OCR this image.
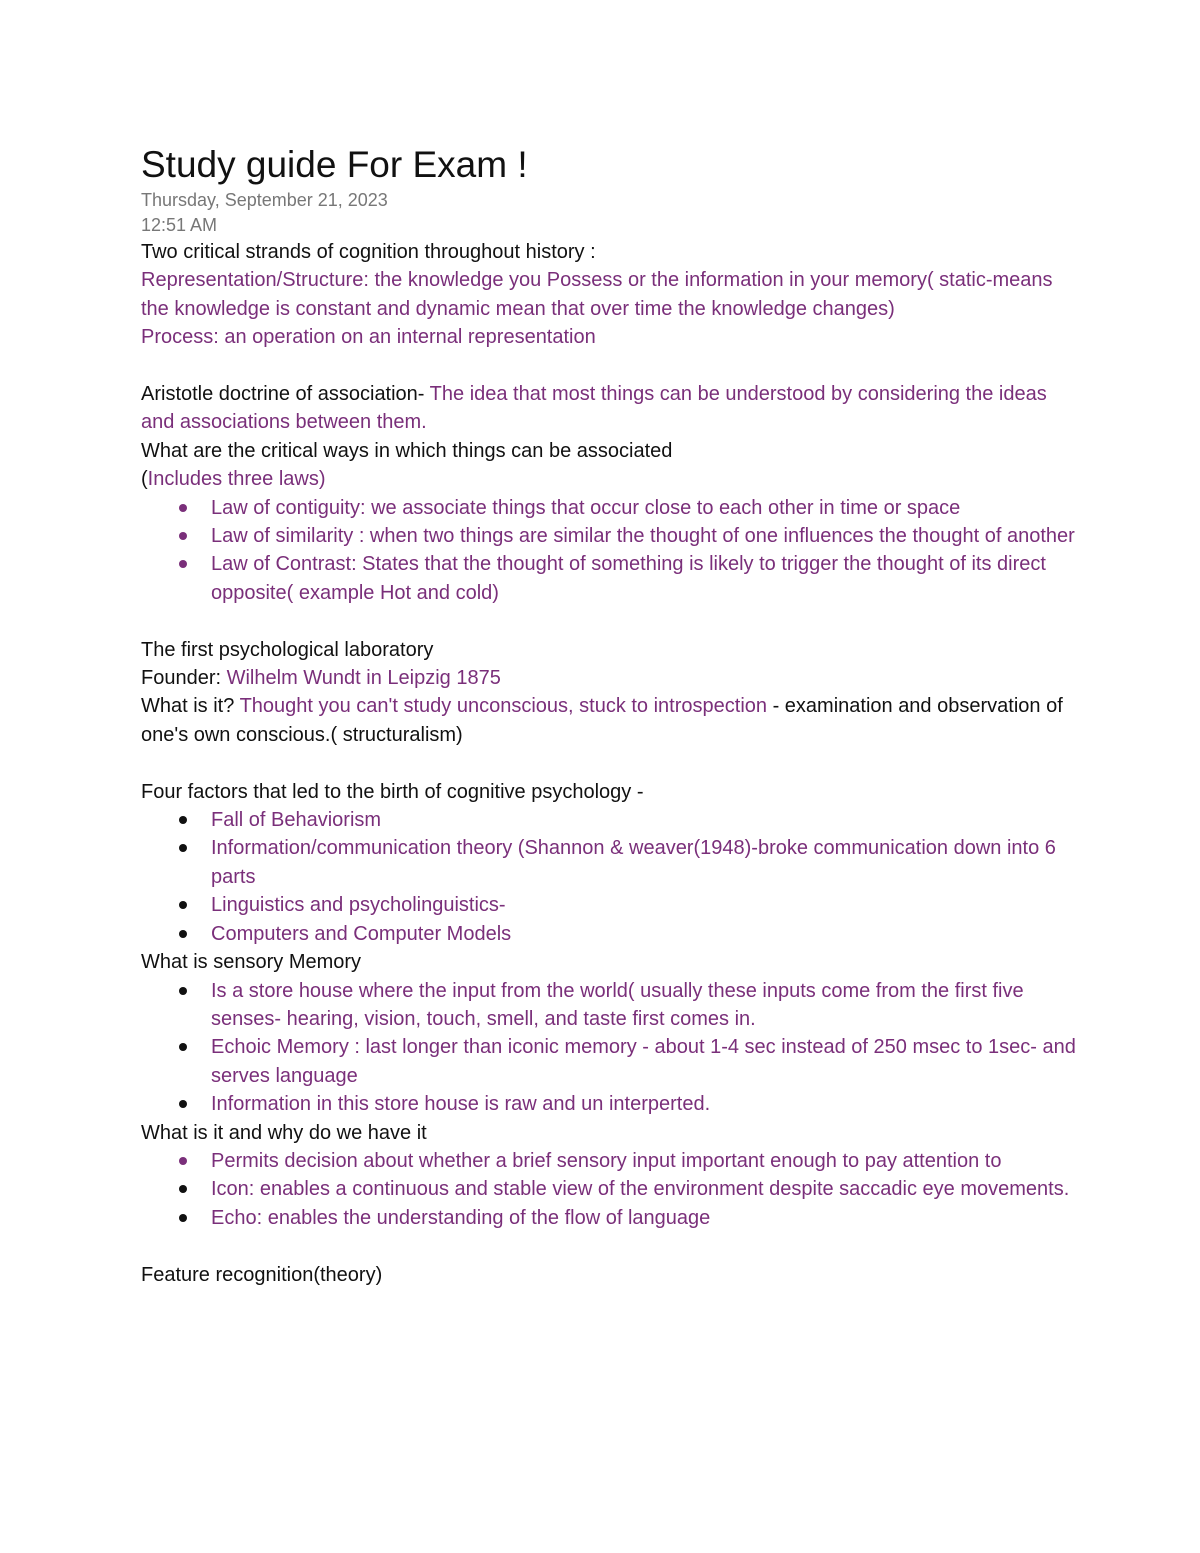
Study guide For Exam !
Thursday, September 21, 2023
12:51 AM

Two critical strands of cognition throughout history :

Representation/Structure: the knowledge you Possess or the information in your memory( static-means the knowledge is constant and dynamic mean that over time the knowledge changes)

Process: an operation on an internal representation

Aristotle doctrine of association- The idea that most things can be understood by considering the ideas and associations between them.

What are the critical ways in which things can be associated

(Includes three laws)

Law of contiguity: we associate things that occur close to each other in time or space
Law of similarity : when two things are similar the thought of one influences the thought of another
Law of Contrast: States that the thought of something is likely to trigger the thought of its direct opposite( example Hot and cold)

The first psychological laboratory

Founder: Wilhelm Wundt in Leipzig 1875

What is it? Thought you can't study unconscious, stuck to introspection - examination and observation of one's own conscious.( structuralism)

Four factors that led to the birth of cognitive psychology -

Fall of Behaviorism
Information/communication theory (Shannon & weaver(1948)-broke communication down into 6 parts
Linguistics and psycholinguistics-
Computers and Computer Models

What is sensory Memory

Is a store house where the input from the world( usually these inputs come from the first five senses- hearing, vision, touch, smell, and taste first comes in.
Echoic Memory : last longer than iconic memory - about 1-4 sec instead of 250 msec to 1sec- and serves language
Information in this store house is raw and un interperted.

What is it and why do we have it

Permits decision about whether a brief sensory input important enough to pay attention to
Icon: enables a continuous and stable view of the environment despite saccadic eye movements.
Echo: enables the understanding of the flow of language

Feature recognition(theory)
